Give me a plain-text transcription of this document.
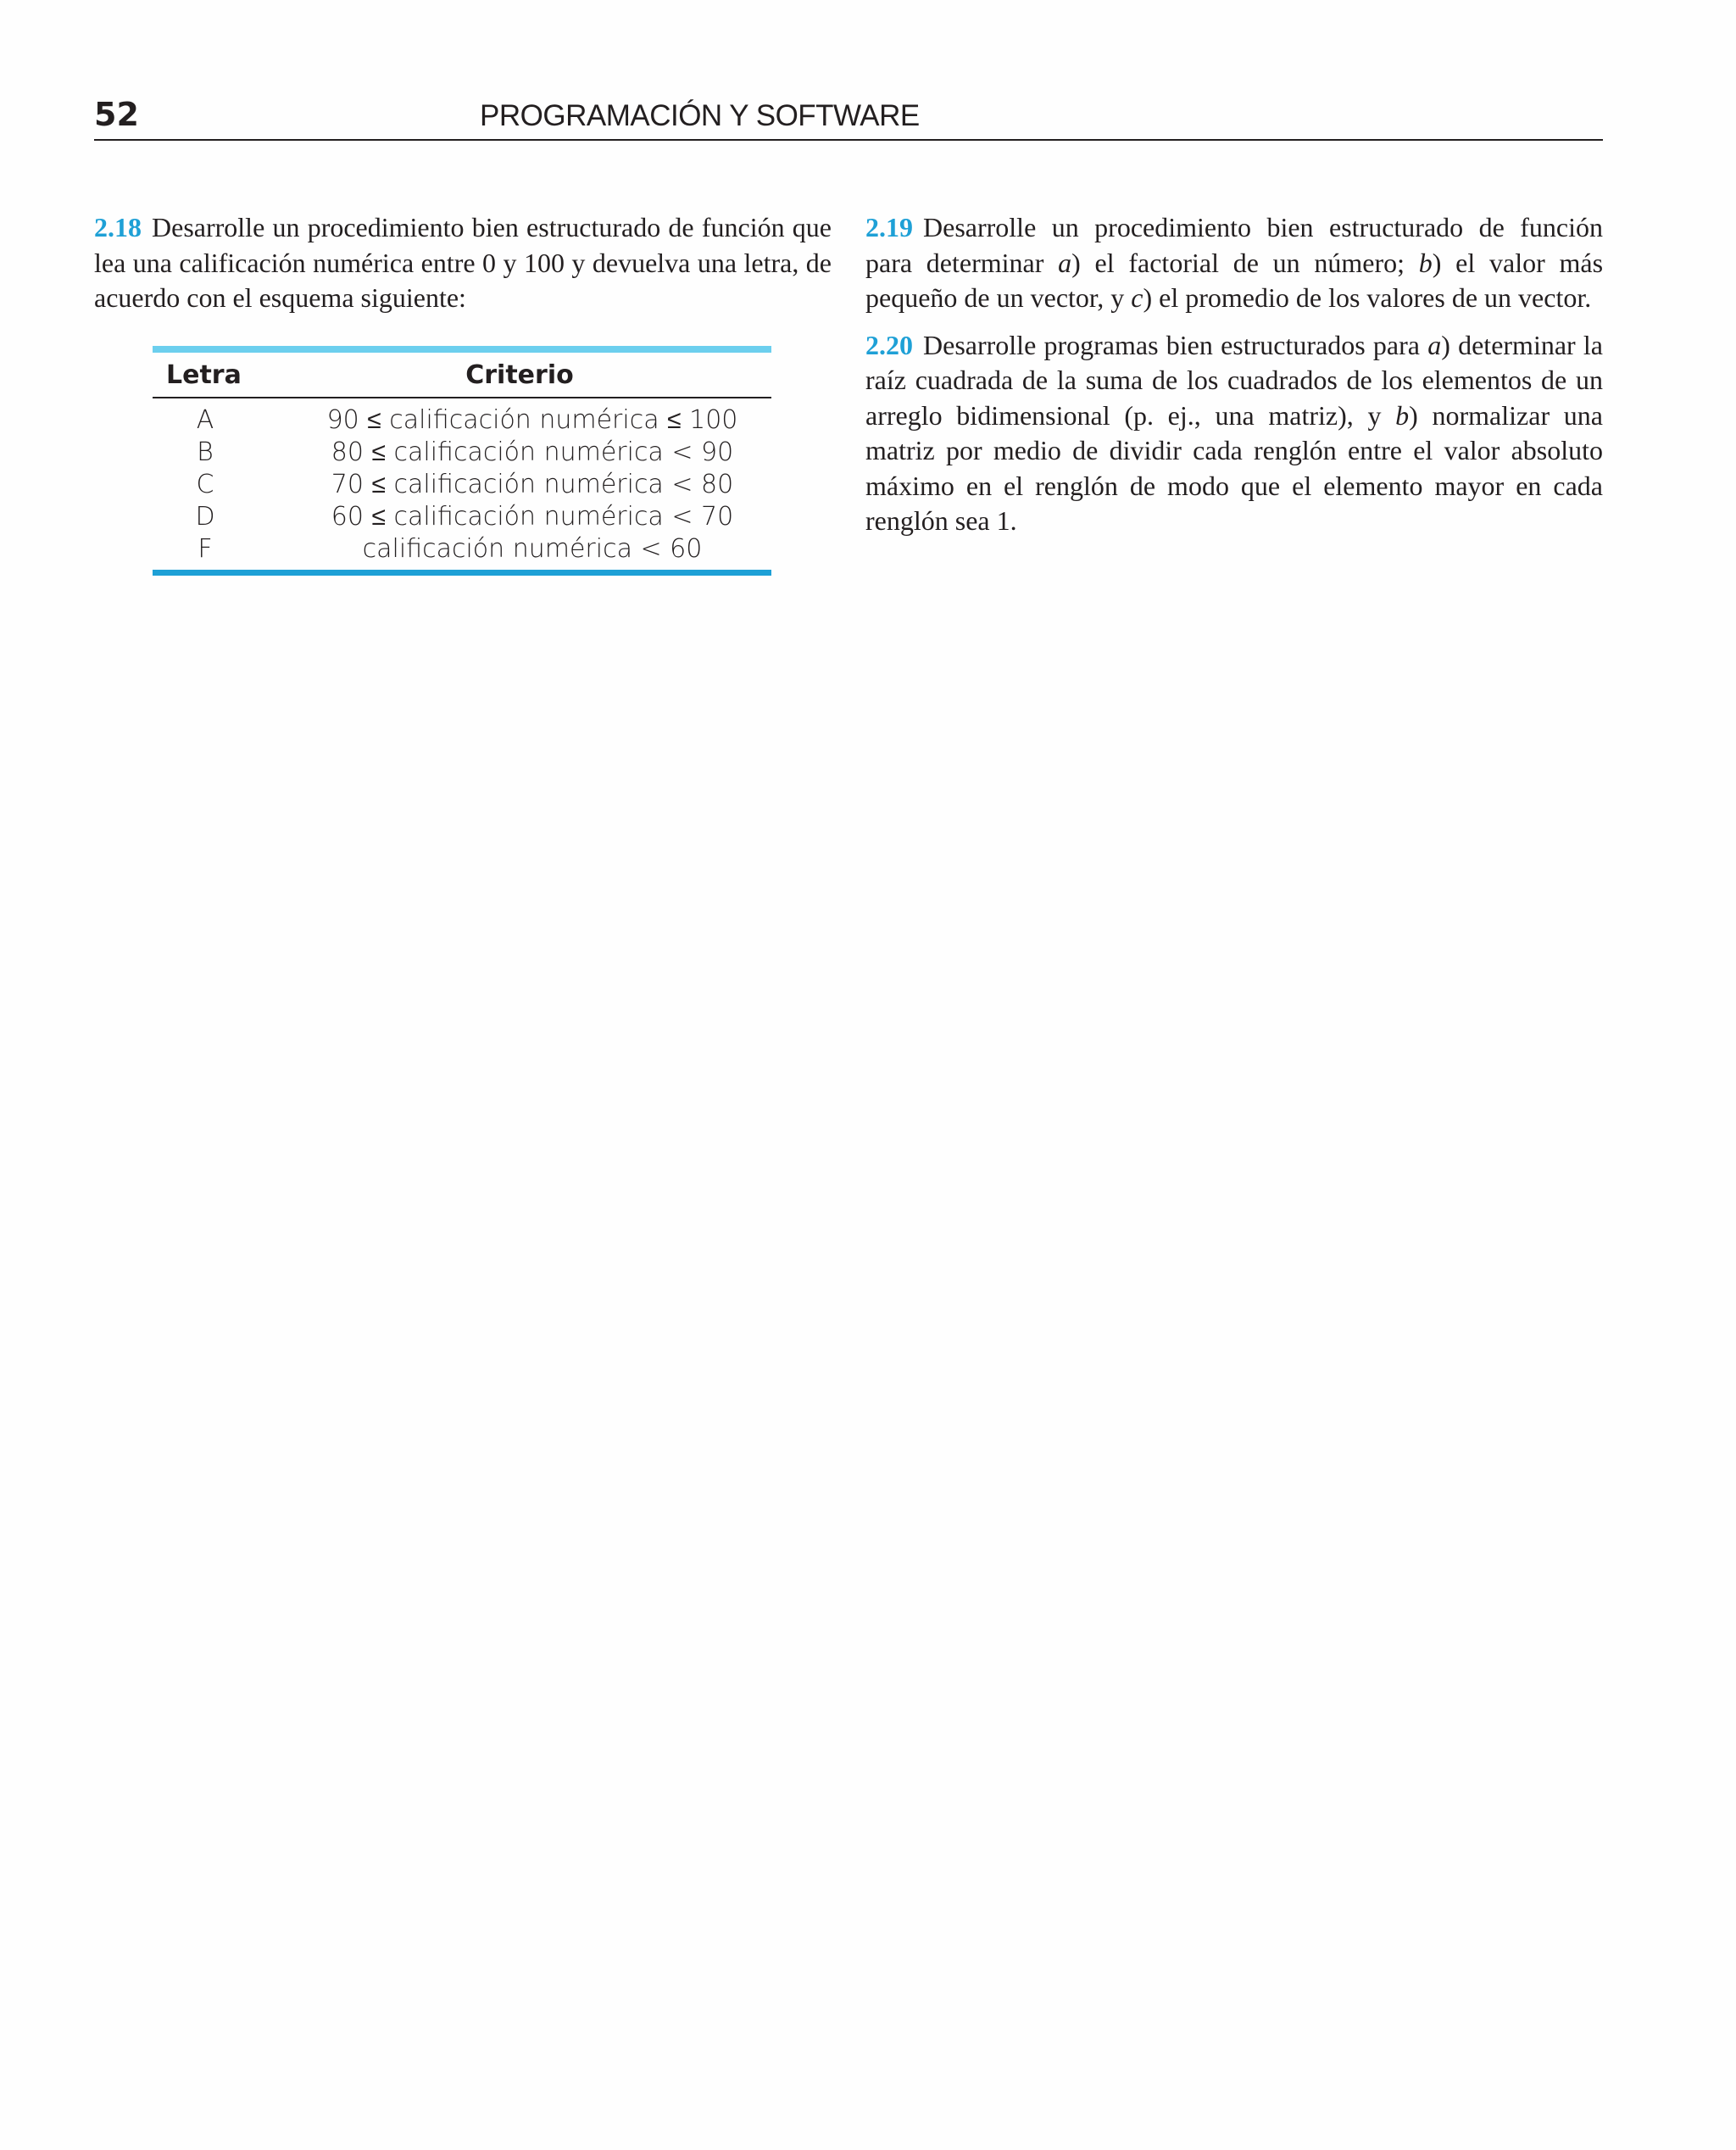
52	PROGRAMACIÓN Y SOFTWARE

2.18 Desarrolle un procedimiento bien estructurado de función que lea una calificación numérica entre 0 y 100 y devuelva una letra, de acuerdo con el esquema siguiente:

Letra	Criterio
A	90 ≤ calificación numérica ≤ 100
B	80 ≤ calificación numérica < 90
C	70 ≤ calificación numérica < 80
D	60 ≤ calificación numérica < 70
F	calificación numérica < 60

2.19 Desarrolle un procedimiento bien estructurado de función para determinar a) el factorial de un número; b) el valor más pequeño de un vector, y c) el promedio de los valores de un vector.

2.20 Desarrolle programas bien estructurados para a) determinar la raíz cuadrada de la suma de los cuadrados de los elementos de un arreglo bidimensional (p. ej., una matriz), y b) normalizar una matriz por medio de dividir cada renglón entre el valor absoluto máximo en el renglón de modo que el elemento mayor en cada renglón sea 1.
